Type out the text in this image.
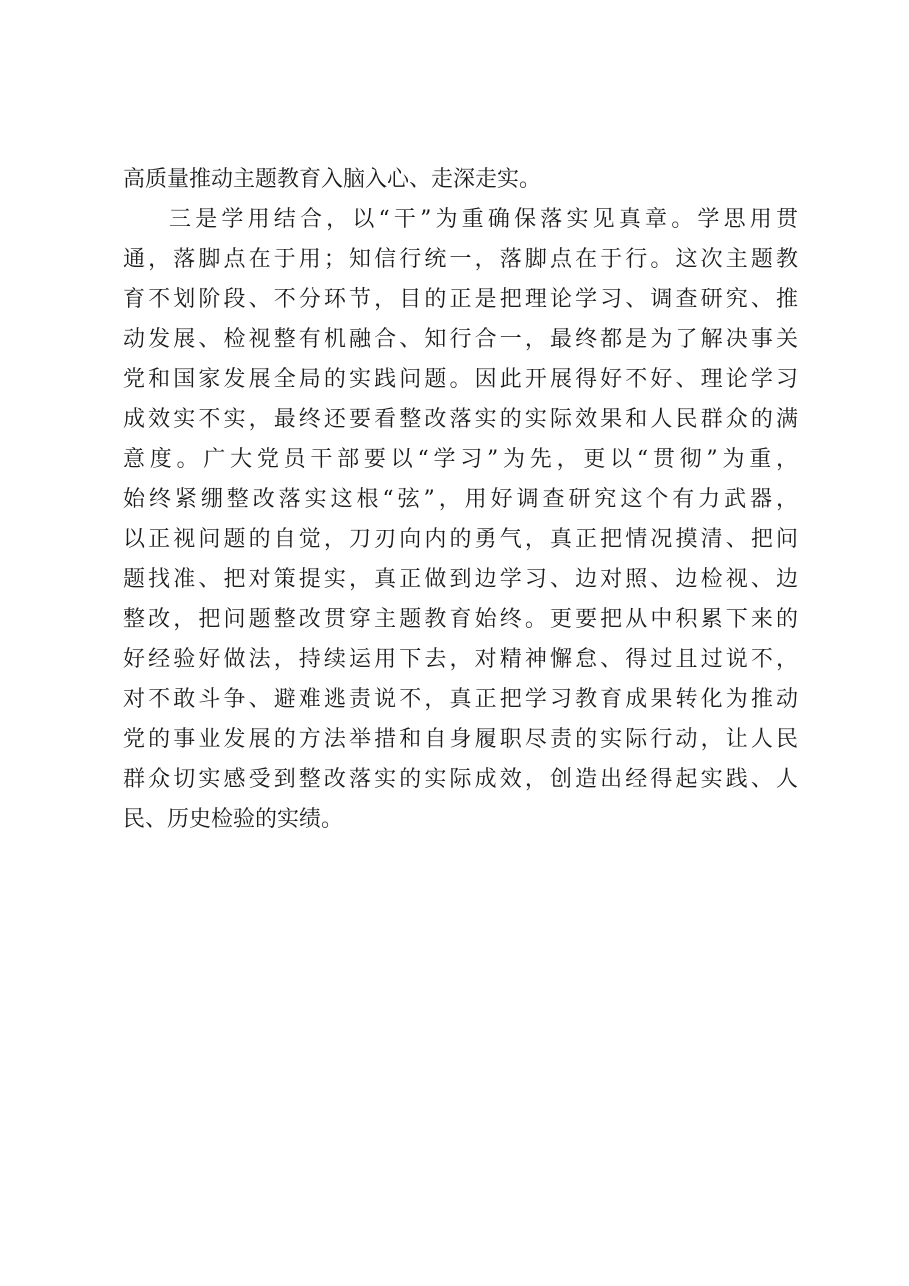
高质量推动主题教育入脑入心、走深走实。
三是学用结合，以“干”为重确保落实见真章。学思用贯
通，落脚点在于用；知信行统一，落脚点在于行。这次主题教
育不划阶段、不分环节，目的正是把理论学习、调查研究、推
动发展、检视整有机融合、知行合一，最终都是为了解决事关
党和国家发展全局的实践问题。因此开展得好不好、理论学习
成效实不实，最终还要看整改落实的实际效果和人民群众的满
意度。广大党员干部要以“学习”为先，更以“贯彻”为重，
始终紧绷整改落实这根“弦”，用好调查研究这个有力武器，
以正视问题的自觉，刀刃向内的勇气，真正把情况摸清、把问
题找准、把对策提实，真正做到边学习、边对照、边检视、边
整改，把问题整改贯穿主题教育始终。更要把从中积累下来的
好经验好做法，持续运用下去，对精神懈怠、得过且过说不，
对不敢斗争、避难逃责说不，真正把学习教育成果转化为推动
党的事业发展的方法举措和自身履职尽责的实际行动，让人民
群众切实感受到整改落实的实际成效，创造出经得起实践、人
民、历史检验的实绩。
